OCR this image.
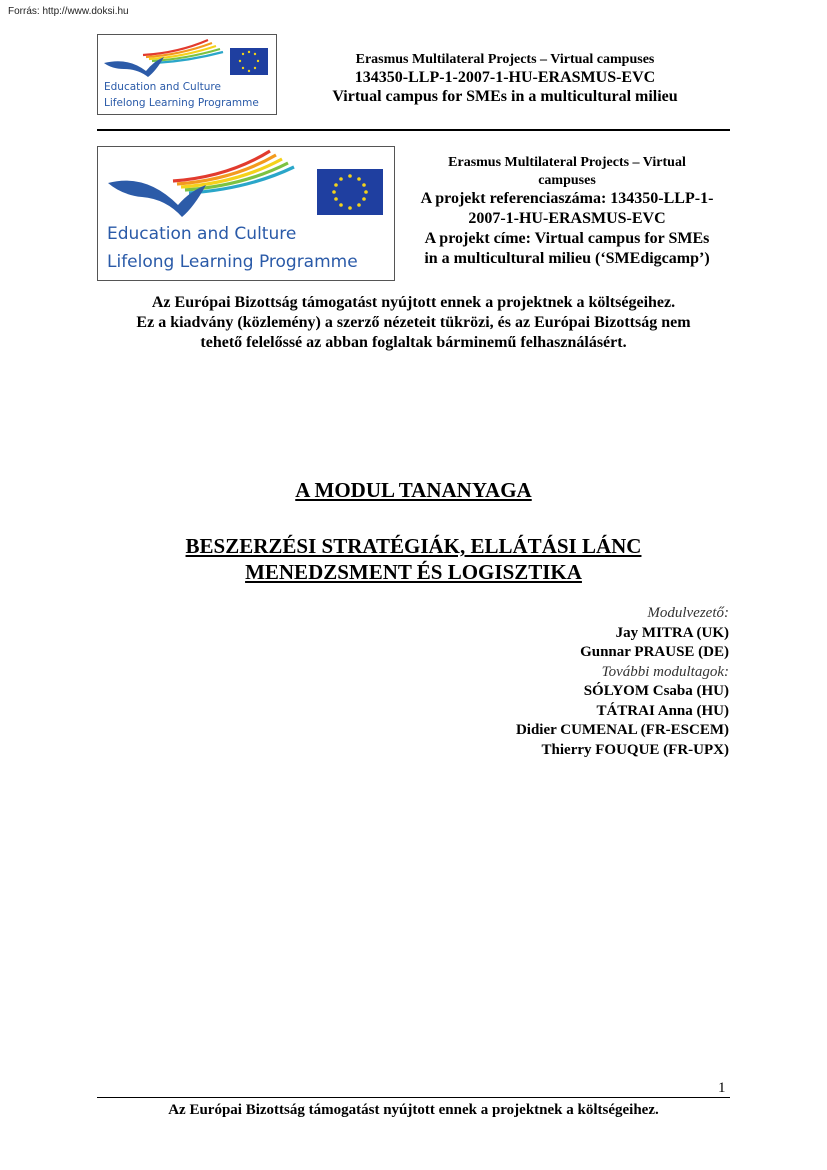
Forrás: http://www.doksi.hu
Education and Culture
Lifelong Learning Programme
Erasmus Multilateral Projects – Virtual campuses
134350-LLP-1-2007-1-HU-ERASMUS-EVC
Virtual campus for SMEs in a multicultural milieu
Education and Culture
Lifelong Learning Programme
Erasmus Multilateral Projects – Virtual
campuses
A projekt referenciaszáma: 134350-LLP-1-
2007-1-HU-ERASMUS-EVC
A projekt címe: Virtual campus for SMEs
in a multicultural milieu (‘SMEdigcamp’)
Az Európai Bizottság támogatást nyújtott ennek a projektnek a költségeihez.
Ez a kiadvány (közlemény) a szerző nézeteit tükrözi, és az Európai Bizottság nem
tehető felelőssé az abban foglaltak bárminemű felhasználásért.
A MODUL TANANYAGA
BESZERZÉSI STRATÉGIÁK, ELLÁTÁSI LÁNC
MENEDZSMENT ÉS LOGISZTIKA
Modulvezető:
Jay MITRA (UK)
Gunnar PRAUSE (DE)
További modultagok:
SÓLYOM Csaba (HU)
TÁTRAI Anna (HU)
Didier CUMENAL (FR-ESCEM)
Thierry FOUQUE (FR-UPX)
1
Az Európai Bizottság támogatást nyújtott ennek a projektnek a költségeihez.
